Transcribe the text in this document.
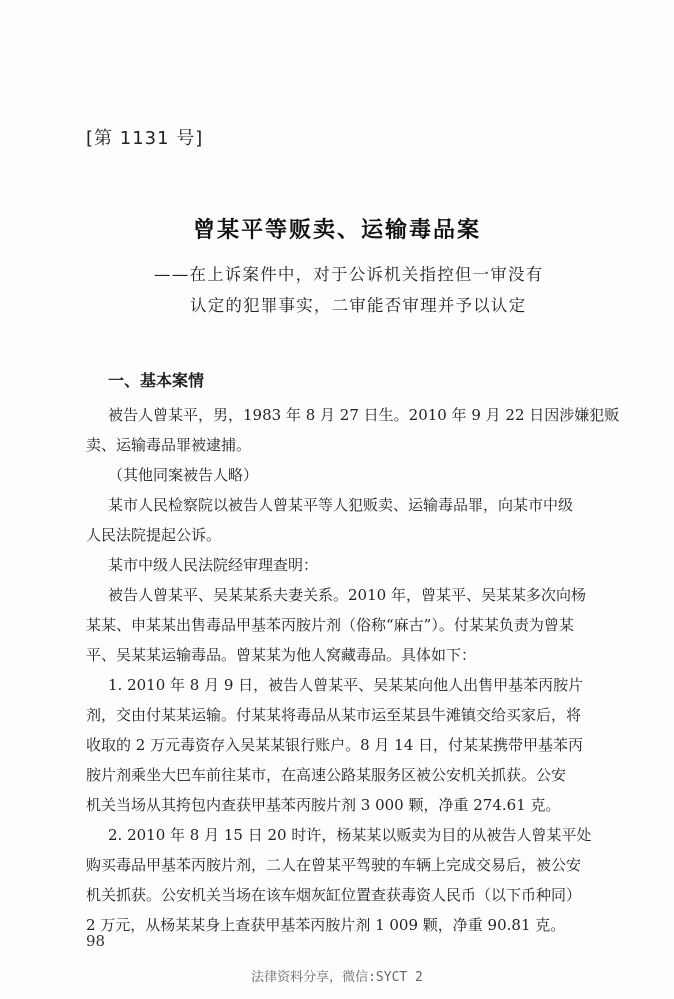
[第 1131 号]
曾某平等贩卖、运输毒品案
——在上诉案件中，对于公诉机关指控但一审没有
认定的犯罪事实，二审能否审理并予以认定
一、基本案情
被告人曾某平，男，1983 年 8 月 27 日生。2010 年 9 月 22 日因涉嫌犯贩
卖、运输毒品罪被逮捕。
（其他同案被告人略）
某市人民检察院以被告人曾某平等人犯贩卖、运输毒品罪，向某市中级
人民法院提起公诉。
某市中级人民法院经审理查明：
被告人曾某平、吴某某系夫妻关系。2010 年，曾某平、吴某某多次向杨
某某、申某某出售毒品甲基苯丙胺片剂（俗称“麻古”）。付某某负责为曾某
平、吴某某运输毒品。曾某某为他人窝藏毒品。具体如下：
1. 2010 年 8 月 9 日，被告人曾某平、吴某某向他人出售甲基苯丙胺片
剂，交由付某某运输。付某某将毒品从某市运至某县牛滩镇交给买家后，将
收取的 2 万元毒资存入吴某某银行账户。8 月 14 日，付某某携带甲基苯丙
胺片剂乘坐大巴车前往某市，在高速公路某服务区被公安机关抓获。公安
机关当场从其挎包内查获甲基苯丙胺片剂 3 000 颗，净重 274.61 克。
2. 2010 年 8 月 15 日 20 时许，杨某某以贩卖为目的从被告人曾某平处
购买毒品甲基苯丙胺片剂，二人在曾某平驾驶的车辆上完成交易后，被公安
机关抓获。公安机关当场在该车烟灰缸位置查获毒资人民币（以下币种同）
2 万元，从杨某某身上查获甲基苯丙胺片剂 1 009 颗，净重 90.81 克。
98
法律资料分享，微信:SYCT 2
